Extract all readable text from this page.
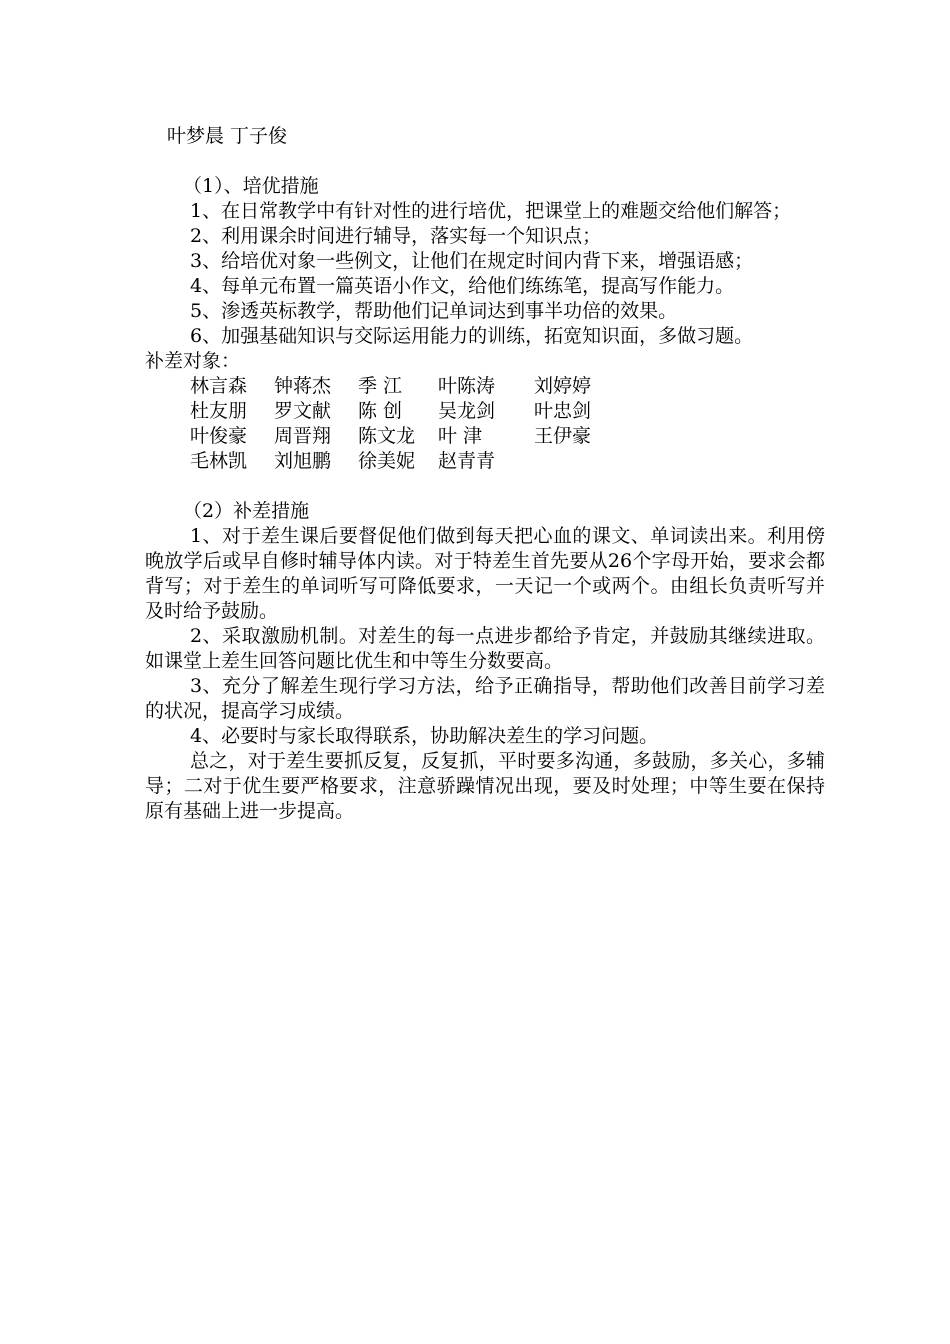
叶梦晨 丁子俊
（1）、培优措施
1、在日常教学中有针对性的进行培优，把课堂上的难题交给他们解答；
2、利用课余时间进行辅导，落实每一个知识点；
3、给培优对象一些例文，让他们在规定时间内背下来，增强语感；
4、每单元布置一篇英语小作文，给他们练练笔，提高写作能力。
5、渗透英标教学，帮助他们记单词达到事半功倍的效果。
6、加强基础知识与交际运用能力的训练，拓宽知识面，多做习题。
补差对象：
林言森	钟蒋杰	季 江	叶陈涛	刘婷婷
杜友朋	罗文献	陈 创	吴龙剑	叶忠剑
叶俊豪	周晋翔	陈文龙	叶 津	王伊豪
毛林凯	刘旭鹏	徐美妮	赵青青
（2）补差措施
1、对于差生课后要督促他们做到每天把心血的课文、单词读出来。利用傍晚放学后或早自修时辅导体内读。对于特差生首先要从26个字母开始，要求会都背写；对于差生的单词听写可降低要求，一天记一个或两个。由组长负责听写并及时给予鼓励。
2、采取激励机制。对差生的每一点进步都给予肯定，并鼓励其继续进取。如课堂上差生回答问题比优生和中等生分数要高。
3、充分了解差生现行学习方法，给予正确指导，帮助他们改善目前学习差的状况，提高学习成绩。
4、必要时与家长取得联系，协助解决差生的学习问题。
总之，对于差生要抓反复，反复抓，平时要多沟通，多鼓励，多关心，多辅导；二对于优生要严格要求，注意骄躁情况出现，要及时处理；中等生要在保持原有基础上进一步提高。
